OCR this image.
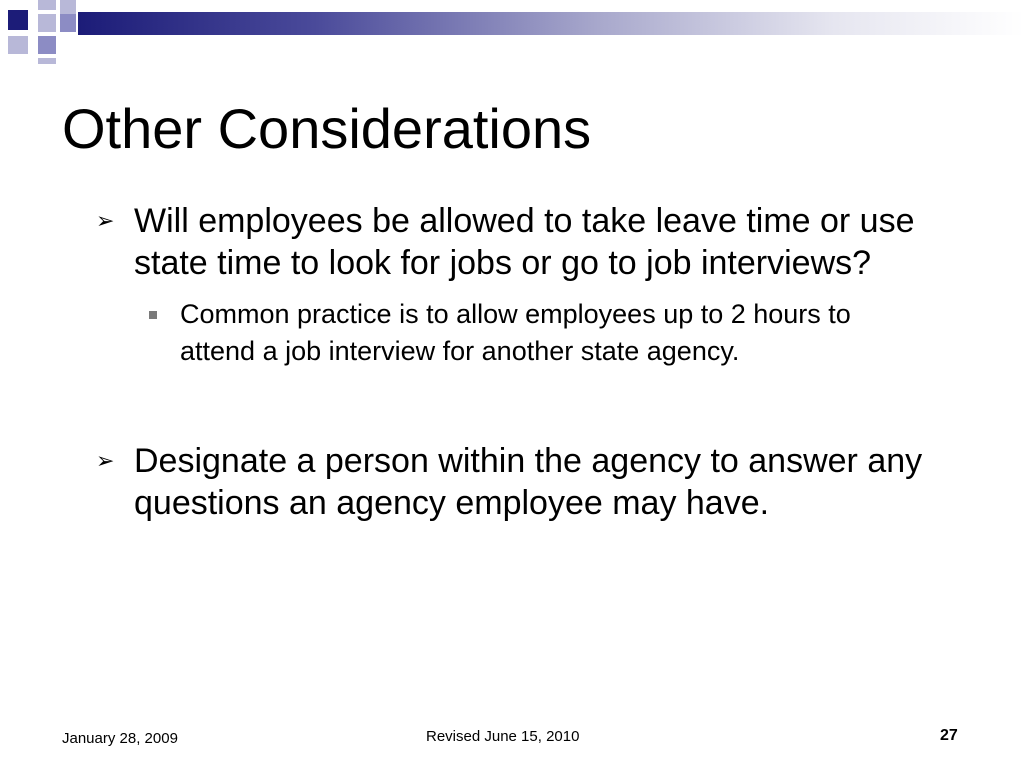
Other Considerations
➢ Will employees be allowed to take leave time or use state time to look for jobs or go to job interviews?
Common practice is to allow employees up to 2 hours to attend a job interview for another state agency.
➢ Designate a person within the agency to answer any questions an agency employee may have.
January 28, 2009	Revised June 15, 2010	27
